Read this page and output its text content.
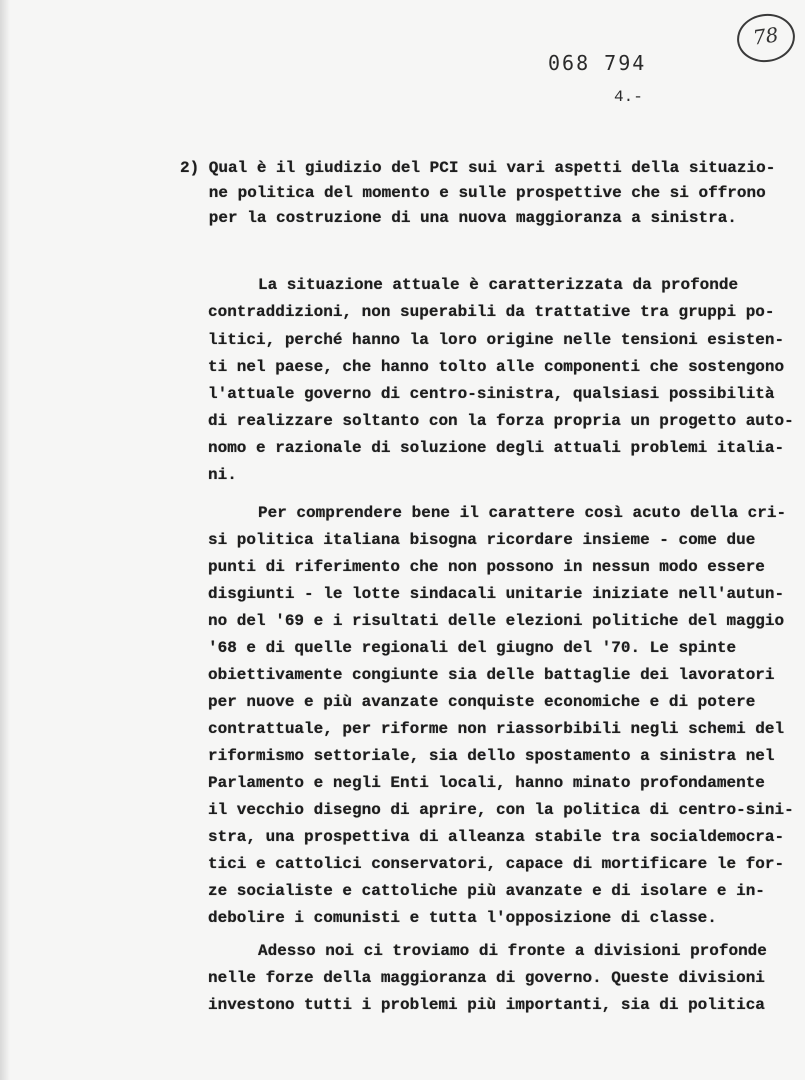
068 794
4.-
78

2) Qual è il giudizio del PCI sui vari aspetti della situazio-

ne politica del momento e sulle prospettive che si offrono

per la costruzione di una nuova maggioranza a sinistra.

La situazione attuale è caratterizzata da profonde

contraddizioni, non superabili da trattative tra gruppi po-

litici, perché hanno la loro origine nelle tensioni esisten-

ti nel paese, che hanno tolto alle componenti che sostengono

l'attuale governo di centro-sinistra, qualsiasi possibilità

di realizzare soltanto con la forza propria un progetto auto-

nomo e razionale di soluzione degli attuali problemi italia-

ni.

Per comprendere bene il carattere così acuto della cri-

si politica italiana bisogna ricordare insieme - come due

punti di riferimento che non possono in nessun modo essere

disgiunti - le lotte sindacali unitarie iniziate nell'autun-

no del '69 e i risultati delle elezioni politiche del maggio

'68 e di quelle regionali del giugno del '70. Le spinte

obiettivamente congiunte sia delle battaglie dei lavoratori

per nuove e più avanzate conquiste economiche e di potere

contrattuale, per riforme non riassorbibili negli schemi del

riformismo settoriale, sia dello spostamento a sinistra nel

Parlamento e negli Enti locali, hanno minato profondamente

il vecchio disegno di aprire, con la politica di centro-sini-

stra, una prospettiva di alleanza stabile tra socialdemocra-

tici e cattolici conservatori, capace di mortificare le for-

ze socialiste e cattoliche più avanzate e di isolare e in-

debolire i comunisti e tutta l'opposizione di classe.

Adesso noi ci troviamo di fronte a divisioni profonde

nelle forze della maggioranza di governo. Queste divisioni

investono tutti i problemi più importanti, sia di politica
